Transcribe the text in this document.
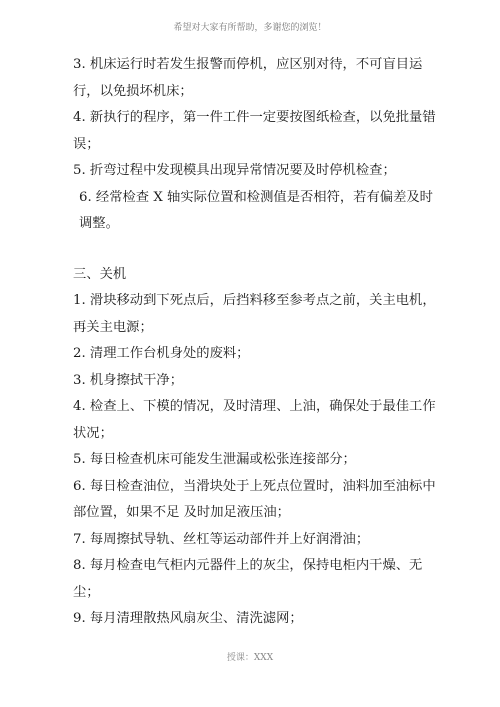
希望对大家有所帮助，多谢您的浏览！

3. 机床运行时若发生报警而停机，应区别对待，不可盲目运行，以免损坏机床；

4. 新执行的程序，第一件工件一定要按图纸检查，以免批量错误；

5. 折弯过程中发现模具出现异常情况要及时停机检查；

6. 经常检查 X 轴实际位置和检测值是否相符，若有偏差及时调整。

三、关机

1. 滑块移动到下死点后，后挡料移至参考点之前，关主电机，再关主电源；

2. 清理工作台机身处的废料；

3. 机身擦拭干净；

4. 检查上、下模的情况，及时清理、上油，确保处于最佳工作状况；

5. 每日检查机床可能发生泄漏或松张连接部分；

6. 每日检查油位，当滑块处于上死点位置时，油料加至油标中部位置，如果不足 及时加足液压油；

7. 每周擦拭导轨、丝杠等运动部件并上好润滑油；

8. 每月检查电气柜内元器件上的灰尘，保持电柜内干燥、无尘；

9. 每月清理散热风扇灰尘、清洗滤网；

授课：XXX
